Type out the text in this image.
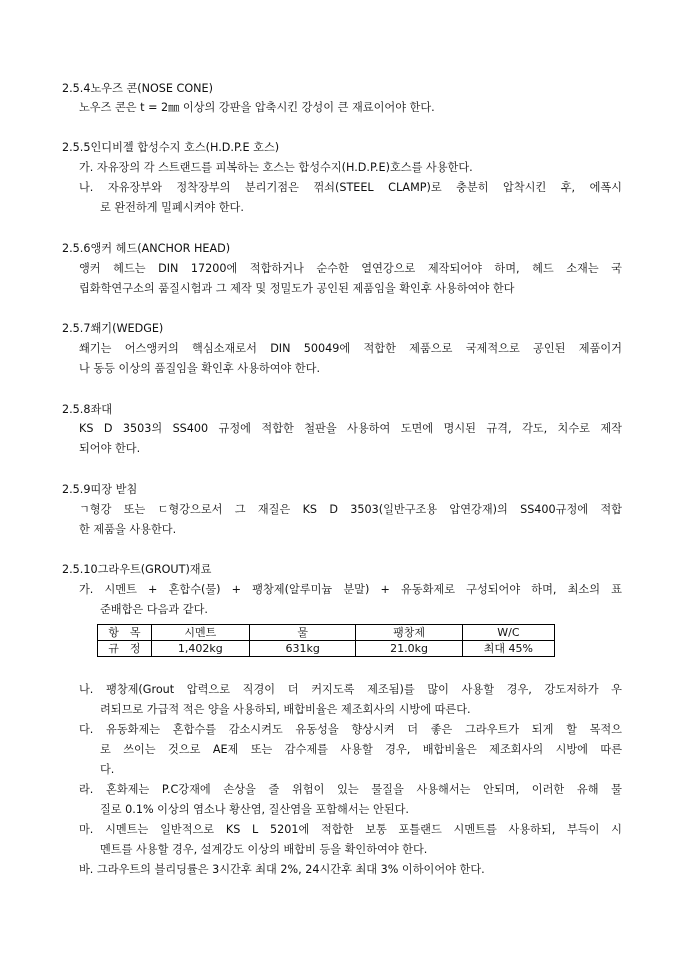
2.5.4노우즈 콘(NOSE CONE)
노우즈 콘은 t = 2㎜ 이상의 강판을 압축시킨 강성이 큰 재료이어야 한다.
2.5.5인디비젤 합성수지 호스(H.D.P.E 호스)
가. 자유장의 각 스트랜드를 피복하는 호스는 합성수지(H.D.P.E)호스를 사용한다.
나. 자유장부와 정착장부의 분리기점은 꺾쇠(STEEL CLAMP)로 충분히 압착시킨 후, 에폭시
로 완전하게 밀폐시켜야 한다.
2.5.6앵커 헤드(ANCHOR HEAD)
앵커 헤드는 DIN 17200에 적합하거나 순수한 열연강으로 제작되어야 하며, 헤드 소재는 국
립화학연구소의 품질시험과 그 제작 및 정밀도가 공인된 제품임을 확인후 사용하여야 한다
2.5.7쐐기(WEDGE)
쐐기는 어스앵커의 핵심소재로서 DIN 50049에 적합한 제품으로 국제적으로 공인된 제품이거
나 동등 이상의 품질임을 확인후 사용하여야 한다.
2.5.8좌대
KS D 3503의 SS400 규정에 적합한 철판을 사용하여 도면에 명시된 규격, 각도, 치수로 제작
되어야 한다.
2.5.9띠장 받침
ㄱ형강 또는 ㄷ형강으로서 그 재질은 KS D 3503(일반구조용 압연강재)의 SS400규정에 적합
한 제품을 사용한다.
2.5.10그라우트(GROUT)재료
가. 시멘트 + 혼합수(물) + 팽창제(알루미늄 분말) + 유동화제로 구성되어야 하며, 최소의 표
준배합은 다음과 같다.
항　목	시멘트	물	팽창제	W/C
규　정	1,402kg	631kg	21.0kg	최대 45%
나. 팽창제(Grout 압력으로 직경이 더 커지도록 제조됨)를 많이 사용할 경우, 강도저하가 우
려되므로 가급적 적은 양을 사용하되, 배합비율은 제조회사의 시방에 따른다.
다. 유동화제는 혼합수를 감소시켜도 유동성을 향상시켜 더 좋은 그라우트가 되게 할 목적으
로 쓰이는 것으로 AE제 또는 감수제를 사용할 경우, 배합비율은 제조회사의 시방에 따른
다.
라. 혼화제는 P.C강재에 손상을 줄 위험이 있는 물질을 사용해서는 안되며, 이러한 유해 물
질로 0.1% 이상의 염소나 황산염, 질산염을 포함해서는 안된다.
마. 시멘트는 일반적으로 KS L 5201에 적합한 보통 포틀랜드 시멘트를 사용하되, 부득이 시
멘트를 사용할 경우, 설계강도 이상의 배합비 등을 확인하여야 한다.
바. 그라우트의 블리딩률은 3시간후 최대 2%, 24시간후 최대 3% 이하이어야 한다.
